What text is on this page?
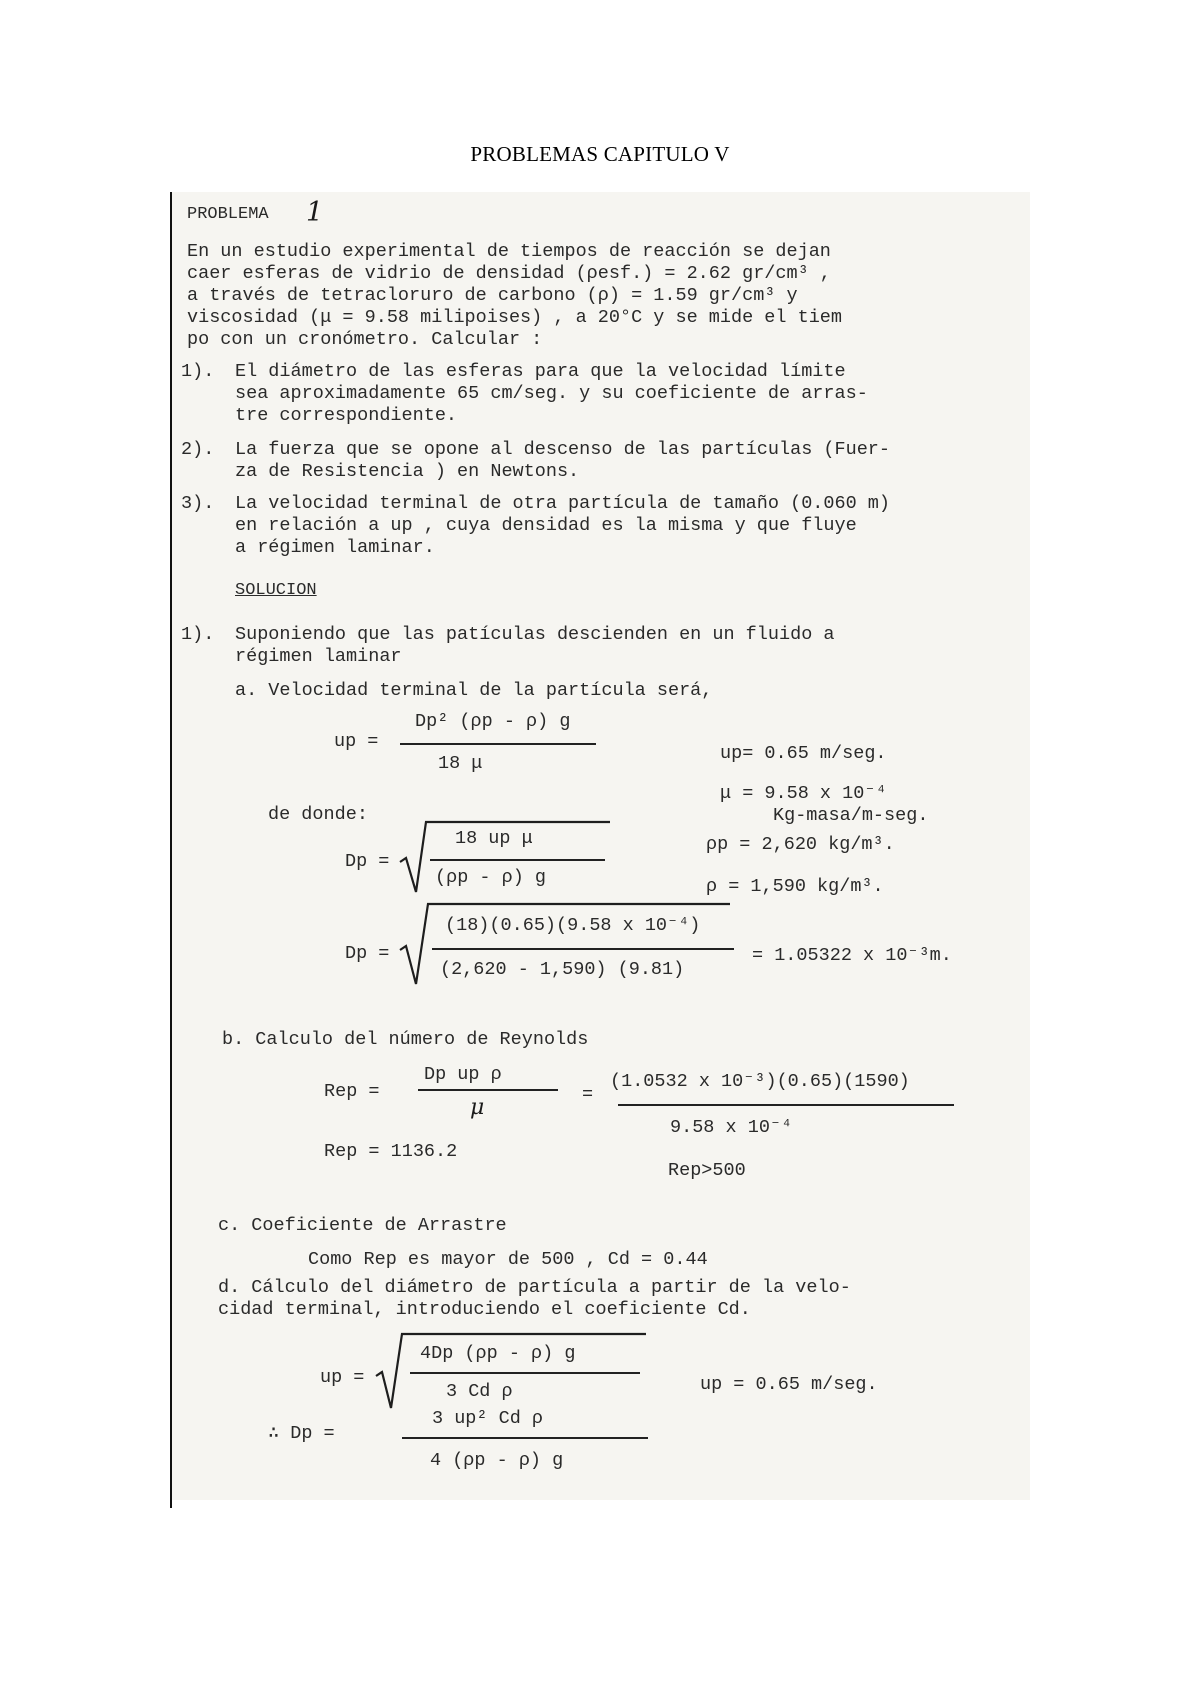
PROBLEMAS CAPITULO V
PROBLEMA 1
En un estudio experimental de tiempos de reacción se dejan
caer esferas de vidrio de densidad (ρesf.) = 2.62 gr/cm³ ,
a través de tetracloruro de carbono (ρ) = 1.59 gr/cm³ y
viscosidad (μ = 9.58 milipoises) , a 20°C y se mide el tiem
po con un cronómetro. Calcular :
1). El diámetro de las esferas para que la velocidad límite
sea aproximadamente 65 cm/seg. y su coeficiente de arras-
tre correspondiente.
2). La fuerza que se opone al descenso de las partículas (Fuer-
za de Resistencia ) en Newtons.
3). La velocidad terminal de otra partícula de tamaño (0.060 m)
en relación a up , cuya densidad es la misma y que fluye
a régimen laminar.
SOLUCION
1). Suponiendo que las patículas descienden en un fluido a
régimen laminar
a. Velocidad terminal de la partícula será,
up =
Dp² (ρp - ρ) g
18 μ	up= 0.65 m/seg.
μ = 9.58 x 10⁻⁴
Kg-masa/m-seg.
ρp = 2,620 kg/m³.
ρ = 1,590 kg/m³.
de donde:
Dp =
18 up μ
(ρp - ρ) g
Dp =
(18)(0.65)(9.58 x 10⁻⁴)
(2,620 - 1,590) (9.81)
= 1.05322 x 10⁻³m.
b. Calculo del número de Reynolds
Rep =
Dp up ρ
μ
=
(1.0532 x 10⁻³)(0.65)(1590)
9.58 x 10⁻⁴
Rep = 1136.2
Rep>500
c. Coeficiente de Arrastre
Como Rep es mayor de 500 , Cd = 0.44
d. Cálculo del diámetro de partícula a partir de la velo-
cidad terminal, introduciendo el coeficiente Cd.
up =
4Dp (ρp - ρ) g
3 Cd ρ	up = 0.65 m/seg.
∴ Dp =
3 up² Cd ρ
4 (ρp - ρ) g
